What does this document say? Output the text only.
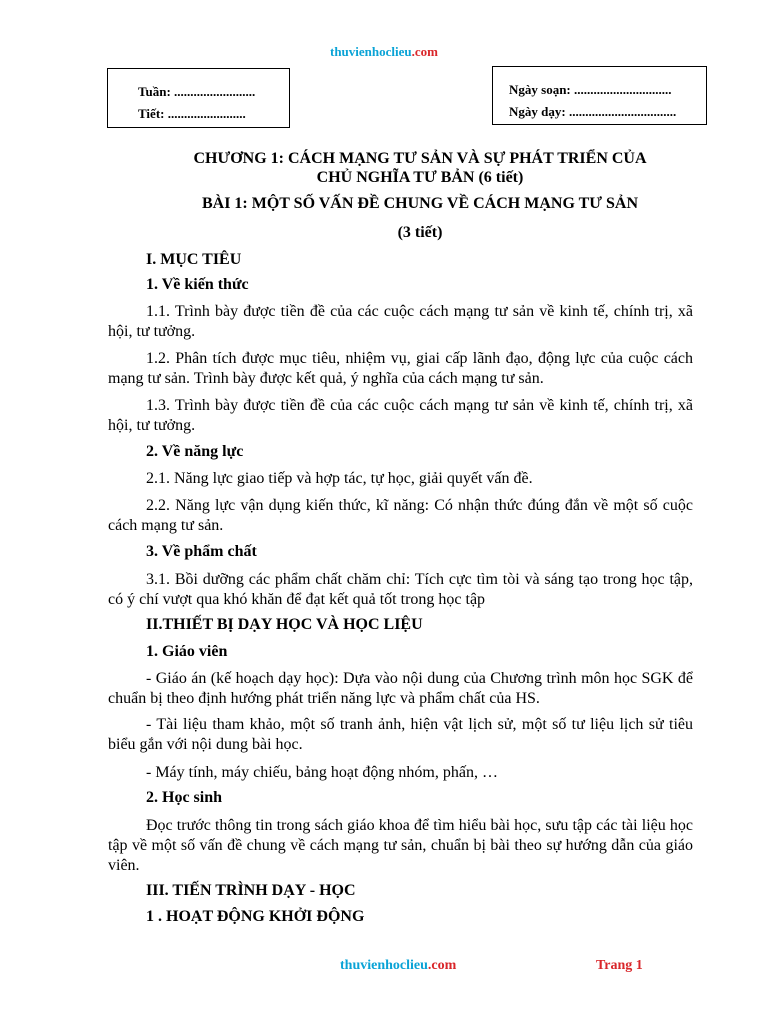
thuvienhoclieu.com
Tuần: .........................
Tiết: ........................
Ngày soạn: ..............................
Ngày dạy: .................................
CHƯƠNG 1: CÁCH MẠNG TƯ SẢN VÀ SỰ PHÁT TRIỂN CỦA
CHỦ NGHĨA TƯ BẢN (6 tiết)
BÀI 1: MỘT SỐ VẤN ĐỀ CHUNG VỀ CÁCH MẠNG TƯ SẢN
(3 tiết)
I. MỤC TIÊU
1. Về kiến thức
1.1. Trình bày được tiền đề của các cuộc cách mạng tư sản về kinh tế, chính trị, xã hội, tư tưởng.
1.2. Phân tích được mục tiêu, nhiệm vụ, giai cấp lãnh đạo, động lực của cuộc cách mạng tư sản. Trình bày được kết quả, ý nghĩa của cách mạng tư sản.
1.3. Trình bày được tiền đề của các cuộc cách mạng tư sản về kinh tế, chính trị, xã hội, tư tưởng.
2. Về năng lực
2.1. Năng lực giao tiếp và hợp tác, tự học, giải quyết vấn đề.
2.2. Năng lực vận dụng kiến thức, kĩ năng: Có nhận thức đúng đắn về một số cuộc cách mạng tư sản.
3. Về phẩm chất
3.1. Bồi dưỡng các phẩm chất chăm chỉ: Tích cực tìm tòi và sáng tạo trong học tập, có ý chí vượt qua khó khăn để đạt kết quả tốt trong học tập
II.THIẾT BỊ DẠY HỌC VÀ HỌC LIỆU
1. Giáo viên
- Giáo án (kế hoạch dạy học): Dựa vào nội dung của Chương trình môn học SGK để chuẩn bị theo định hướng phát triển năng lực và phẩm chất của HS.
- Tài liệu tham khảo, một số tranh ảnh, hiện vật lịch sử, một số tư liệu lịch sử tiêu biểu gắn với nội dung bài học.
- Máy tính, máy chiếu, bảng hoạt động nhóm, phấn, …
2. Học sinh
Đọc trước thông tin trong sách giáo khoa để tìm hiểu bài học, sưu tập các tài liệu học tập về một số vấn đề chung về cách mạng tư sản, chuẩn bị bài theo sự hướng dẫn của giáo viên.
III. TIẾN TRÌNH DẠY - HỌC
1 . HOẠT ĐỘNG KHỞI ĐỘNG
thuvienhoclieu.com	Trang 1
